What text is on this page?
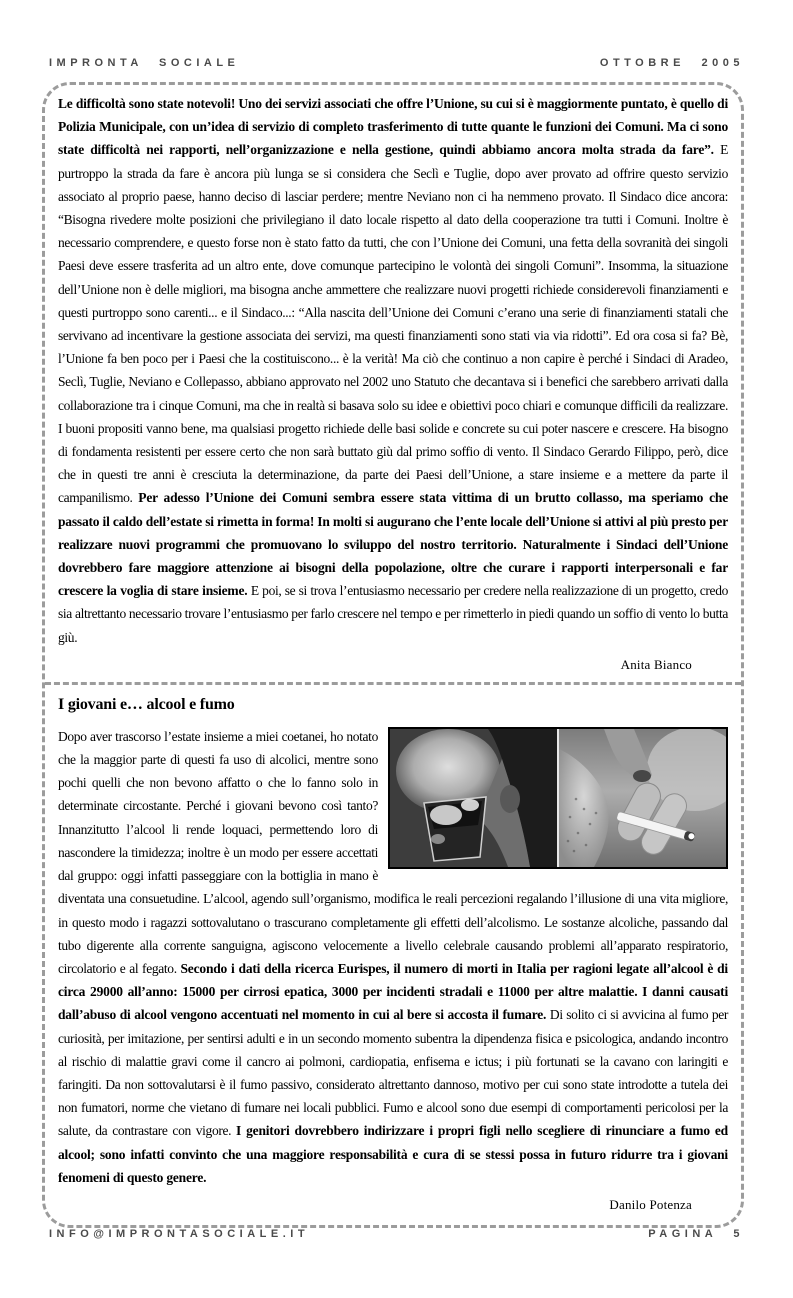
IMPRONTA SOCIALE	OTTOBRE 2005

Le difficoltà sono state notevoli! Uno dei servizi associati che offre l’Unione, su cui si è maggiormente puntato, è quello di Polizia Municipale, con un’idea di servizio di completo trasferimento di tutte quante le funzioni dei Comuni. Ma ci sono state difficoltà nei rapporti, nell’organizzazione e nella gestione, quindi abbiamo ancora molta strada da fare”. E purtroppo la strada da fare è ancora più lunga se si considera che Seclì e Tuglie, dopo aver provato ad offrire questo servizio associato al proprio paese, hanno deciso di lasciar perdere; mentre Neviano non ci ha nemmeno provato. Il Sindaco dice ancora: “Bisogna rivedere molte posizioni che privilegiano il dato locale rispetto al dato della cooperazione tra tutti i Comuni. Inoltre è necessario comprendere, e questo forse non è stato fatto da tutti, che con l’Unione dei Comuni, una fetta della sovranità dei singoli Paesi deve essere trasferita ad un altro ente, dove comunque partecipino le volontà dei singoli Comuni”. Insomma, la situazione dell’Unione non è delle migliori, ma bisogna anche ammettere che realizzare nuovi progetti richiede considerevoli finanziamenti e questi purtroppo sono carenti... e il Sindaco...: “Alla nascita dell’Unione dei Comuni c’erano una serie di finanziamenti statali che servivano ad incentivare la gestione associata dei servizi, ma questi finanziamenti sono stati via via ridotti”. Ed ora cosa si fa? Bè, l’Unione fa ben poco per i Paesi che la costituiscono... è la verità! Ma ciò che continuo a non capire è perché i Sindaci di Aradeo, Seclì, Tuglie, Neviano e Collepasso, abbiano approvato nel 2002 uno Statuto che decantava si i benefici che sarebbero arrivati dalla collaborazione tra i cinque Comuni, ma che in realtà si basava solo su idee e obiettivi poco chiari e comunque difficili da realizzare. I buoni propositi vanno bene, ma qualsiasi progetto richiede delle basi solide e concrete su cui poter nascere e crescere. Ha bisogno di fondamenta resistenti per essere certo che non sarà buttato giù dal primo soffio di vento. Il Sindaco Gerardo Filippo, però, dice che in questi tre anni è cresciuta la determinazione, da parte dei Paesi dell’Unione, a stare insieme e a mettere da parte il campanilismo. Per adesso l’Unione dei Comuni sembra essere stata vittima di un brutto collasso, ma speriamo che passato il caldo dell’estate si rimetta in forma! In molti si augurano che l’ente locale dell’Unione si attivi al più presto per realizzare nuovi programmi che promuovano lo sviluppo del nostro territorio. Naturalmente i Sindaci dell’Unione dovrebbero fare maggiore attenzione ai bisogni della popolazione, oltre che curare i rapporti interpersonali e far crescere la voglia di stare insieme. E poi, se si trova l’entusiasmo necessario per credere nella realizzazione di un progetto, credo sia altrettanto necessario trovare l’entusiasmo per farlo crescere nel tempo e per rimetterlo in piedi quando un soffio di vento lo butta giù.

Anita Bianco
I giovani e… alcool e fumo

Dopo aver trascorso l’estate insieme a miei coetanei, ho notato che la maggior parte di questi fa uso di alcolici, mentre sono pochi quelli che non bevono affatto o che lo fanno solo in determinate circostante. Perché i giovani bevono così tanto? Innanzitutto l’alcool li rende loquaci, permettendo loro di nascondere la timidezza; inoltre è un modo per essere accettati dal gruppo: oggi infatti passeggiare con la bottiglia in mano è diventata una consuetudine. L’alcool, agendo sull’organismo, modifica le reali percezioni regalando l’illusione di una vita migliore, in questo modo i ragazzi sottovalutano o trascurano completamente gli effetti dell’alcolismo. Le sostanze alcoliche, passando dal tubo digerente alla corrente sanguigna, agiscono velocemente a livello celebrale causando problemi all’apparato respiratorio, circolatorio e al fegato. Secondo i dati della ricerca Eurispes, il numero di morti in Italia per ragioni legate all’alcool è di circa 29000 all’anno: 15000 per cirrosi epatica, 3000 per incidenti stradali e 11000 per altre malattie. I danni causati dall’abuso di alcool vengono accentuati nel momento in cui al bere si accosta il fumare. Di solito ci si avvicina al fumo per curiosità, per imitazione, per sentirsi adulti e in un secondo momento subentra la dipendenza fisica e psicologica, andando incontro al rischio di malattie gravi come il cancro ai polmoni, cardiopatia, enfisema e ictus; i più fortunati se la cavano con laringiti e faringiti. Da non sottovalutarsi è il fumo passivo, considerato altrettanto dannoso, motivo per cui sono state introdotte a tutela dei non fumatori, norme che vietano di fumare nei locali pubblici. Fumo e alcool sono due esempi di comportamenti pericolosi per la salute, da contrastare con vigore. I genitori dovrebbero indirizzare i propri figli nello scegliere di rinunciare a fumo ed alcool; sono infatti convinto che una maggiore responsabilità e cura di se stessi possa in futuro ridurre tra i giovani fenomeni di questo genere.

Danilo Potenza
INFO@IMPRONTASOCIALE.IT	PAGINA 5
